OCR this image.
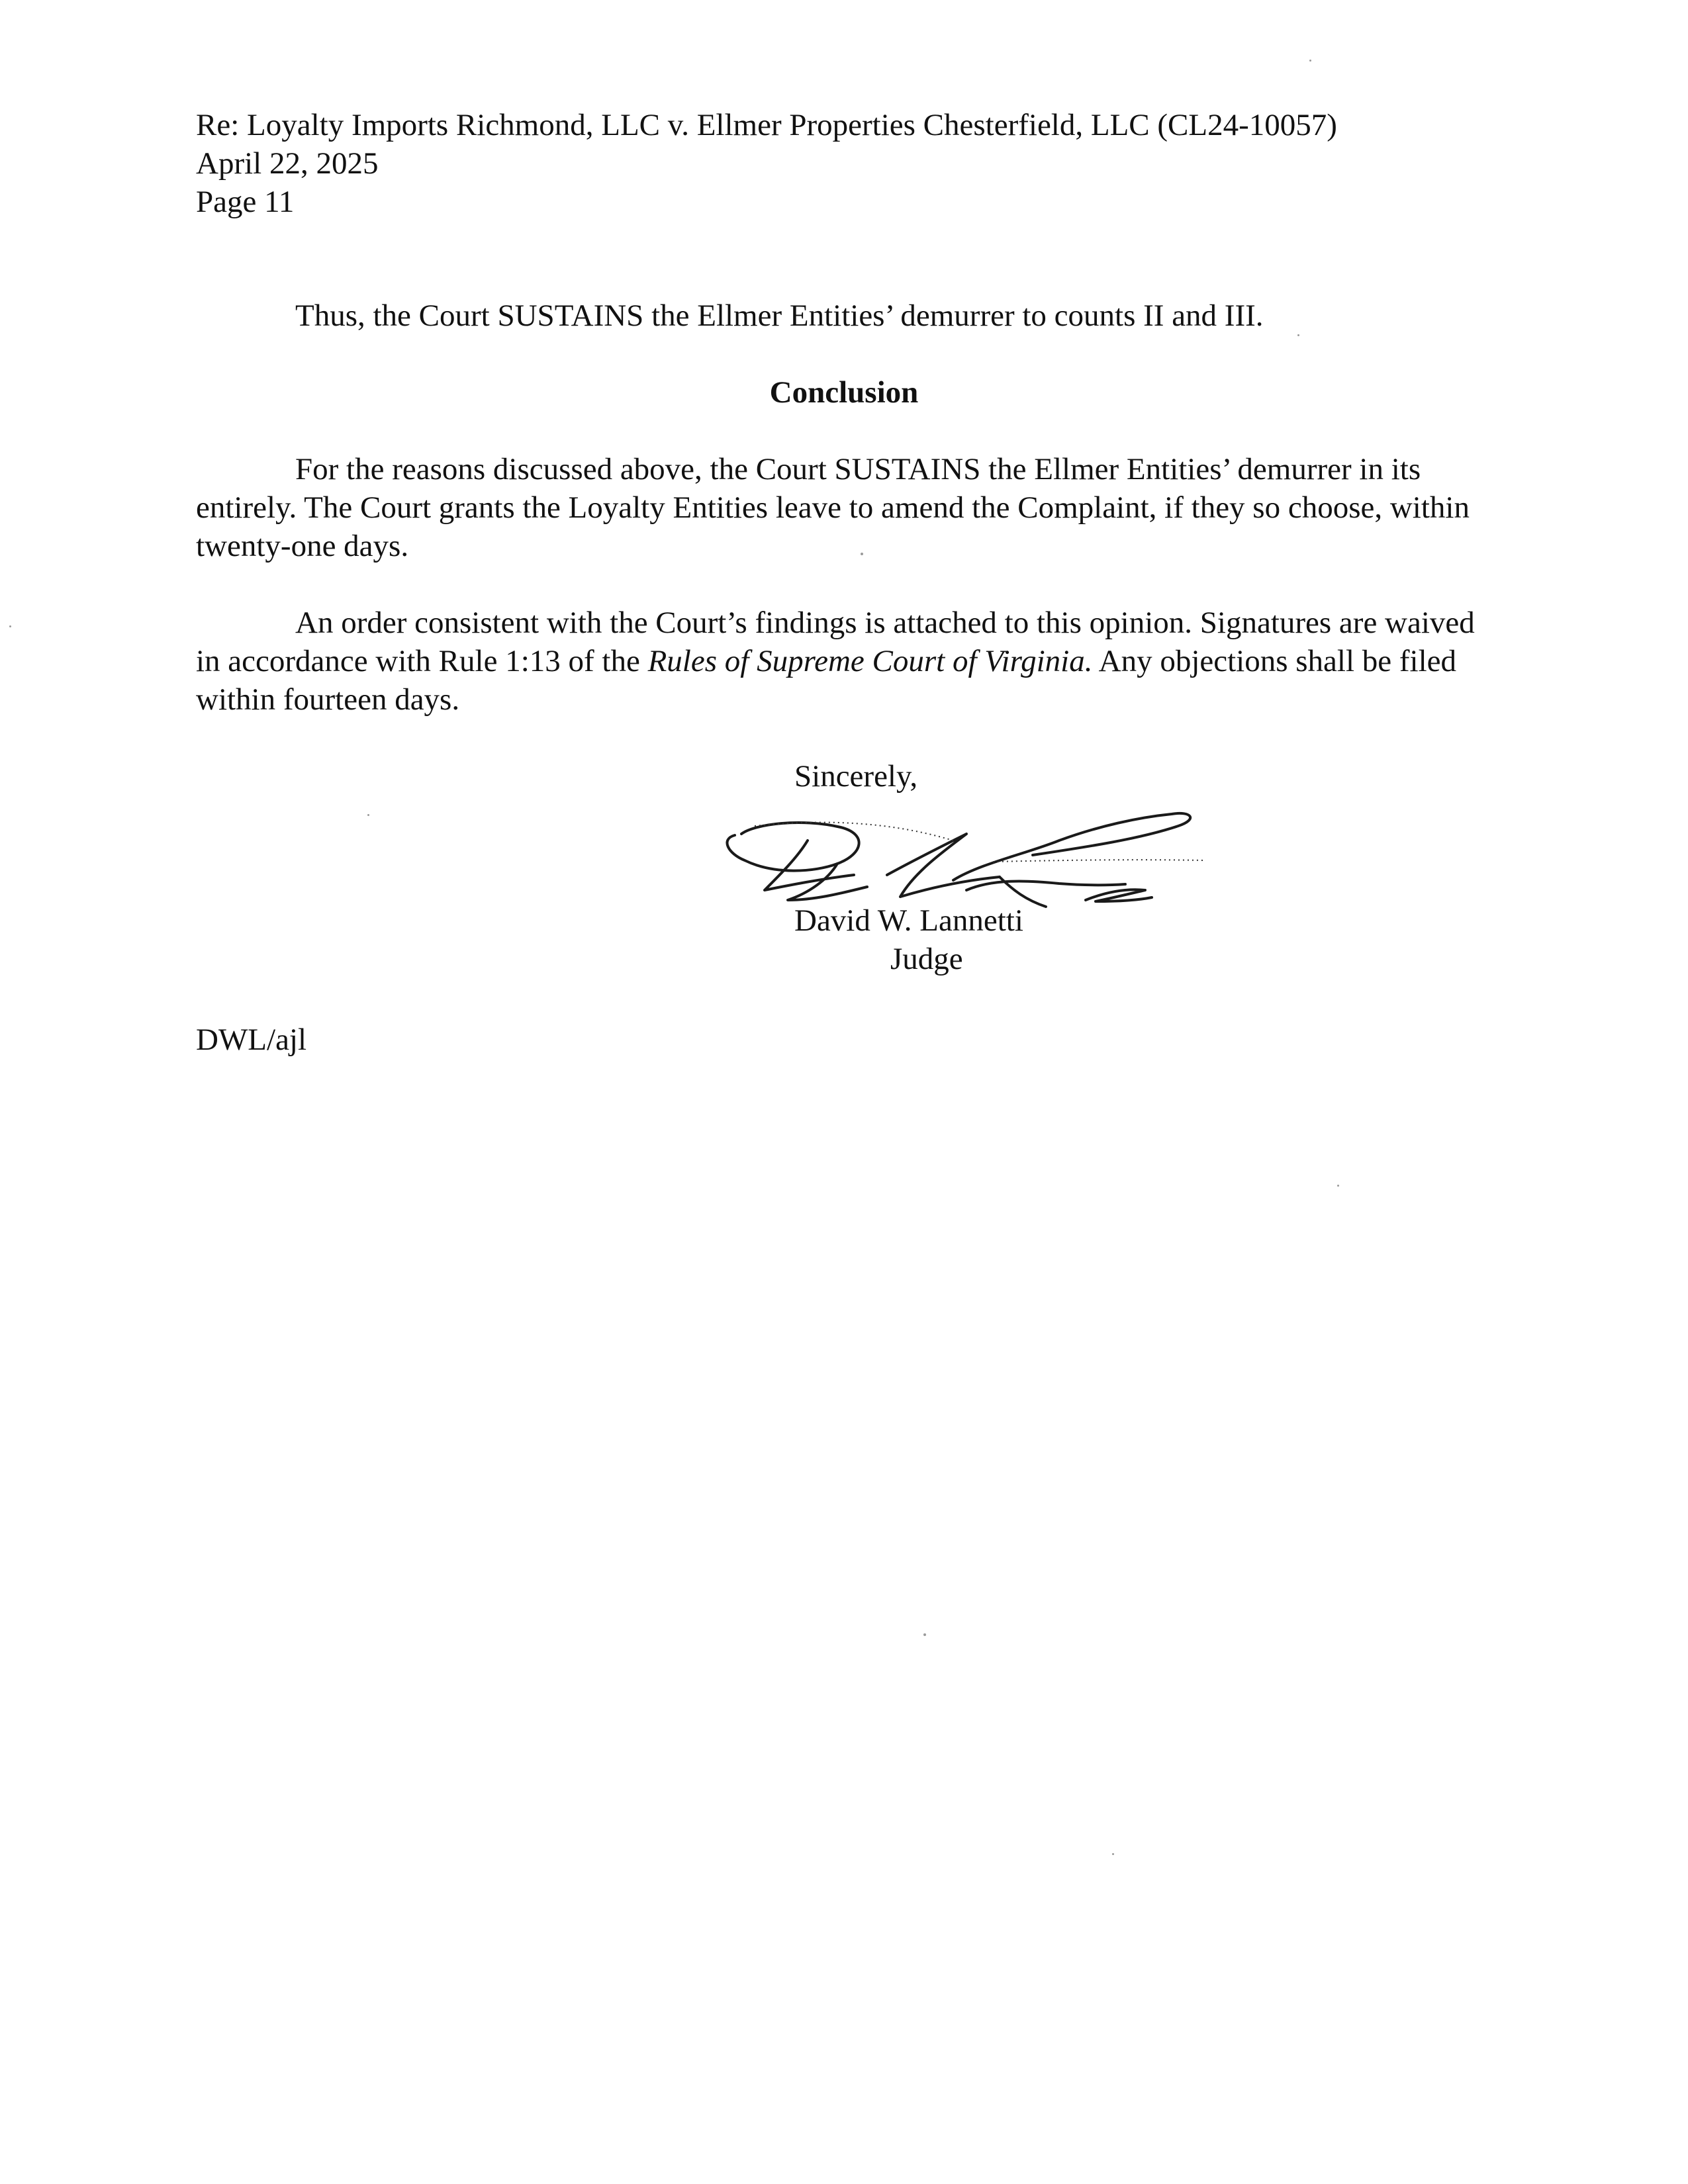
Re: Loyalty Imports Richmond, LLC v. Ellmer Properties Chesterfield, LLC (CL24-10057)
April 22, 2025
Page 11
Thus, the Court SUSTAINS the Ellmer Entities’ demurrer to counts II and III.
Conclusion
For the reasons discussed above, the Court SUSTAINS the Ellmer Entities’ demurrer in its entirely. The Court grants the Loyalty Entities leave to amend the Complaint, if they so choose, within twenty-one days.
An order consistent with the Court’s findings is attached to this opinion. Signatures are waived in accordance with Rule 1:13 of the Rules of Supreme Court of Virginia. Any objections shall be filed within fourteen days.
Sincerely,
David W. Lannetti
Judge
DWL/ajl
